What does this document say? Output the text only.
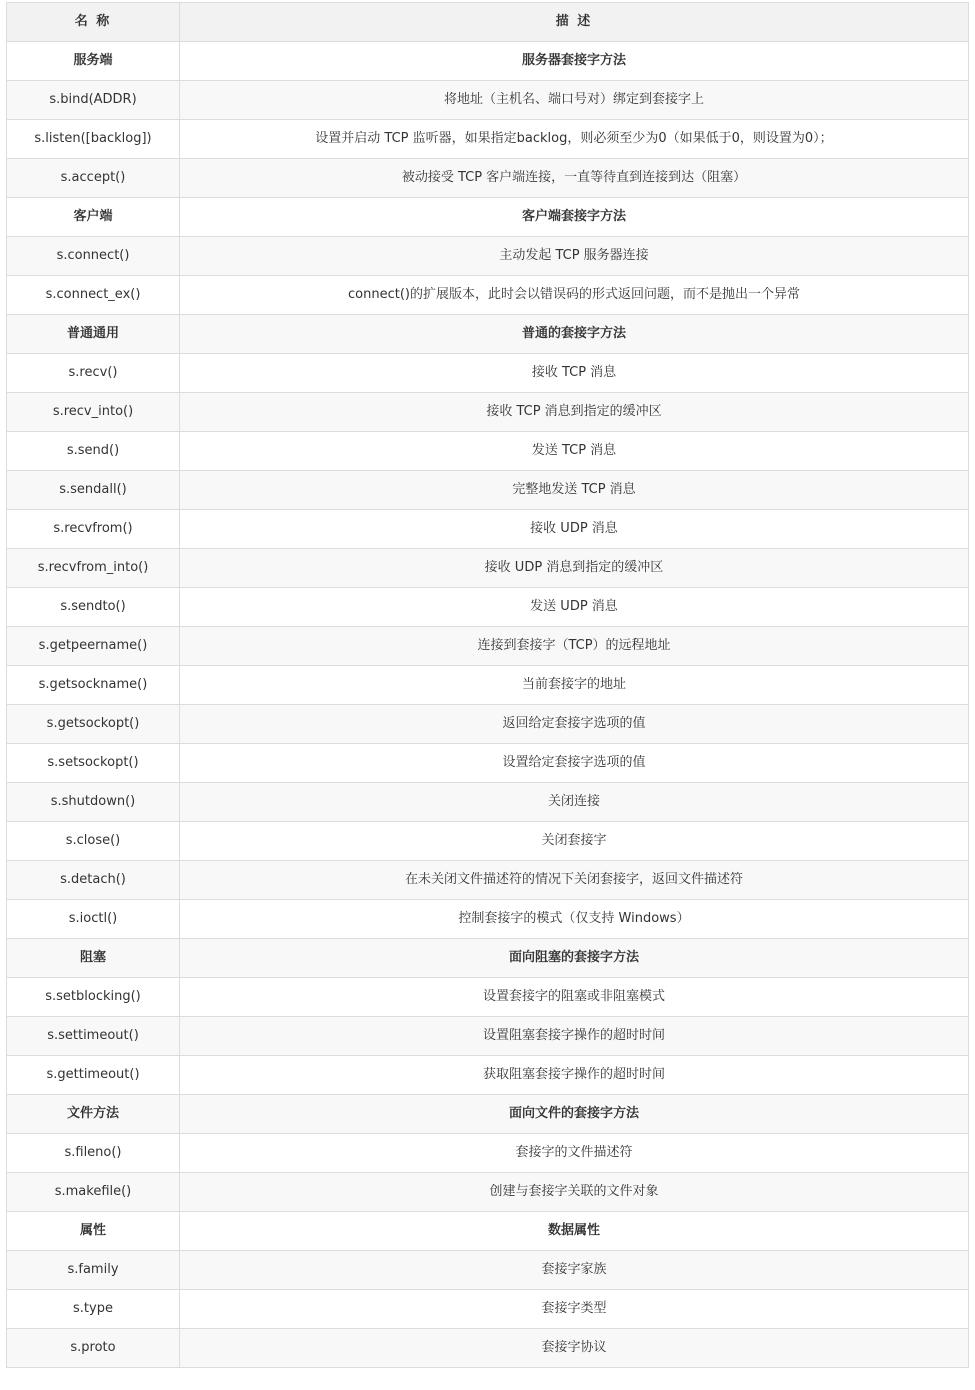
名 称	描 述
服务端	服务器套接字方法
s.bind(ADDR)	将地址（主机名、端口号对）绑定到套接字上
s.listen([backlog])	设置并启动 TCP 监听器，如果指定backlog，则必须至少为0（如果低于0，则设置为0）；
s.accept()	被动接受 TCP 客户端连接，一直等待直到连接到达（阻塞）
客户端	客户端套接字方法
s.connect()	主动发起 TCP 服务器连接
s.connect_ex()	connect()的扩展版本，此时会以错误码的形式返回问题，而不是抛出一个异常
普通通用	普通的套接字方法
s.recv()	接收 TCP 消息
s.recv_into()	接收 TCP 消息到指定的缓冲区
s.send()	发送 TCP 消息
s.sendall()	完整地发送 TCP 消息
s.recvfrom()	接收 UDP 消息
s.recvfrom_into()	接收 UDP 消息到指定的缓冲区
s.sendto()	发送 UDP 消息
s.getpeername()	连接到套接字（TCP）的远程地址
s.getsockname()	当前套接字的地址
s.getsockopt()	返回给定套接字选项的值
s.setsockopt()	设置给定套接字选项的值
s.shutdown()	关闭连接
s.close()	关闭套接字
s.detach()	在未关闭文件描述符的情况下关闭套接字，返回文件描述符
s.ioctl()	控制套接字的模式（仅支持 Windows）
阻塞	面向阻塞的套接字方法
s.setblocking()	设置套接字的阻塞或非阻塞模式
s.settimeout()	设置阻塞套接字操作的超时时间
s.gettimeout()	获取阻塞套接字操作的超时时间
文件方法	面向文件的套接字方法
s.fileno()	套接字的文件描述符
s.makefile()	创建与套接字关联的文件对象
属性	数据属性
s.family	套接字家族
s.type	套接字类型
s.proto	套接字协议
